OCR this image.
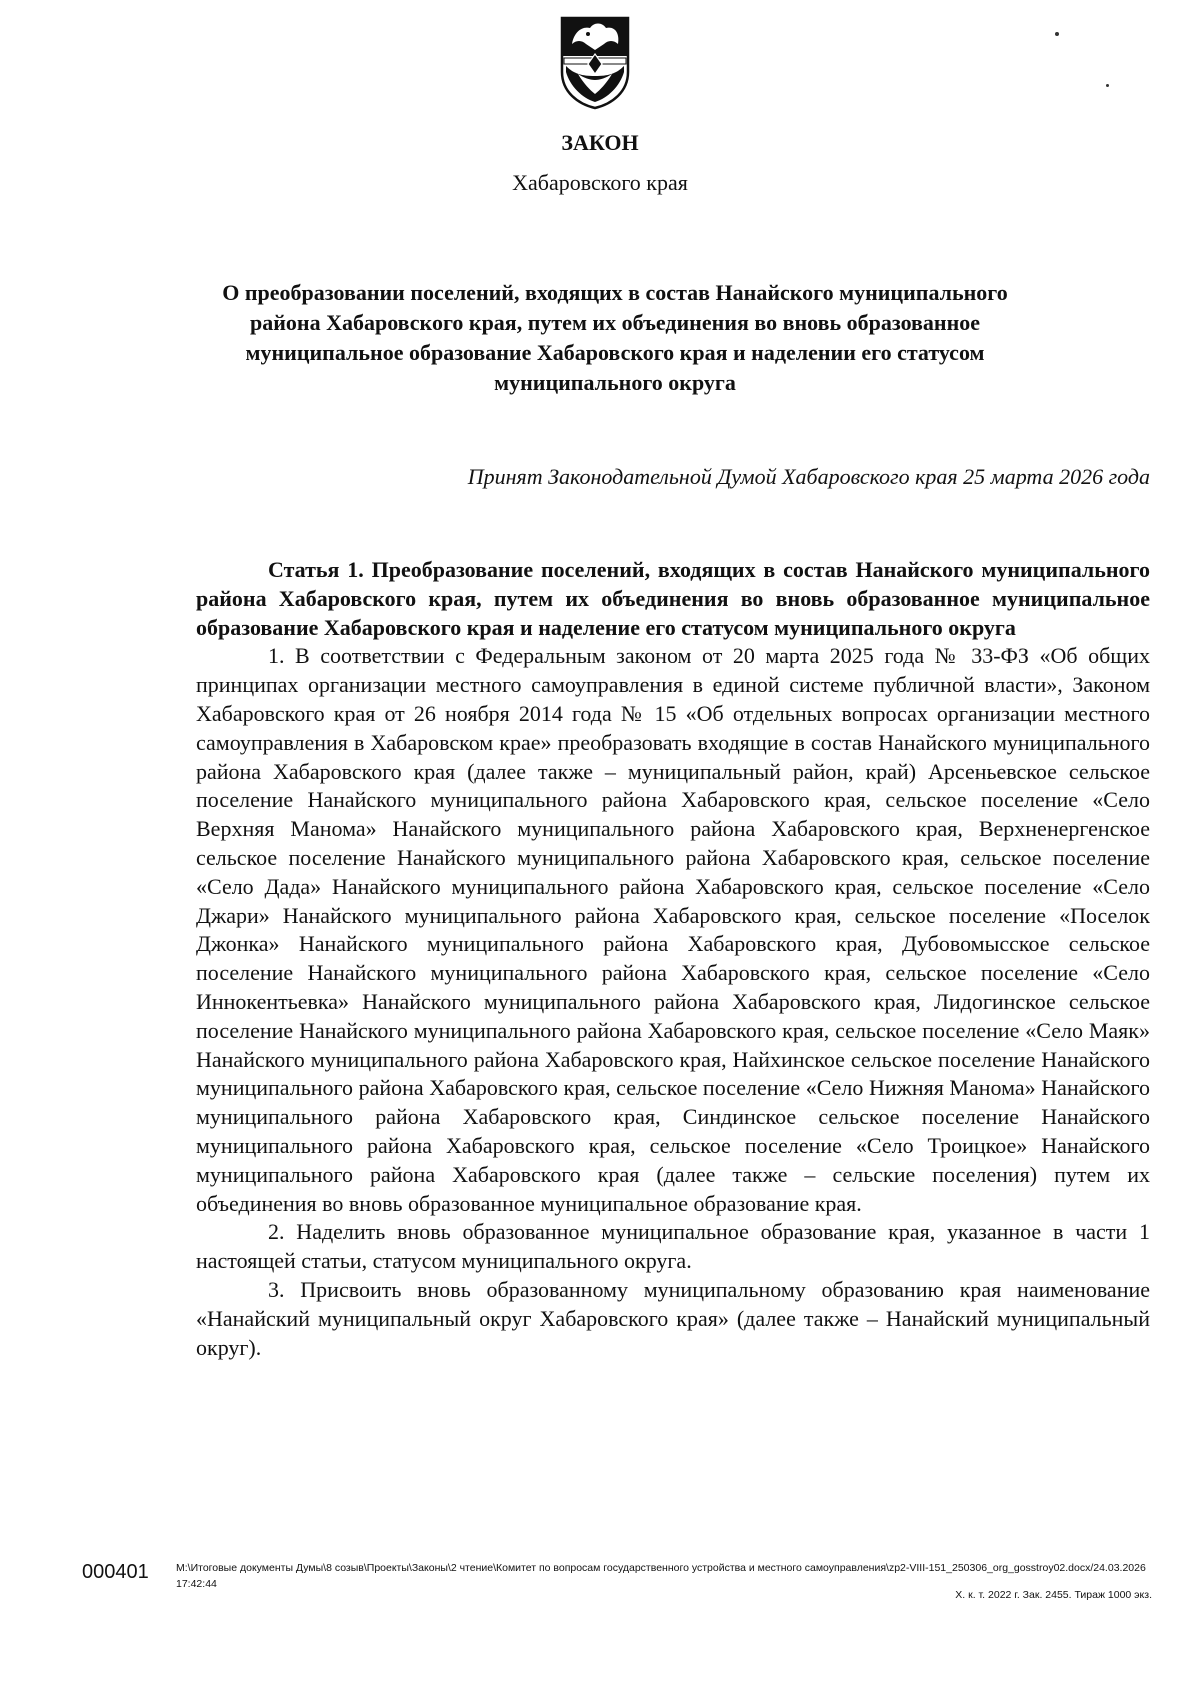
ЗАКОН
Хабаровского края
О преобразовании поселений, входящих в состав Нанайского муниципального района Хабаровского края, путем их объединения во вновь образованное муниципальное образование Хабаровского края и наделении его статусом муниципального округа
Принят Законодательной Думой Хабаровского края 25 марта 2026 года

Статья 1. Преобразование поселений, входящих в состав Нанайского муниципального района Хабаровского края, путем их объединения во вновь образованное муниципальное образование Хабаровского края и наделение его статусом муниципального округа

1. В соответствии с Федеральным законом от 20 марта 2025 года № 33-ФЗ «Об общих принципах организации местного самоуправления в единой системе публичной власти», Законом Хабаровского края от 26 ноября 2014 года № 15 «Об отдельных вопросах организации местного самоуправления в Хабаровском крае» преобразовать входящие в состав Нанайского муниципального района Хабаровского края (далее также – муниципальный район, край) Арсеньевское сельское поселение Нанайского муниципального района Хабаровского края, сельское поселение «Село Верхняя Манома» Нанайского муниципального района Хабаровского края, Верхненергенское сельское поселение Нанайского муниципального района Хабаровского края, сельское поселение «Село Дада» Нанайского муниципального района Хабаровского края, сельское поселение «Село Джари» Нанайского муниципального района Хабаровского края, сельское поселение «Поселок Джонка» Нанайского муниципального района Хабаровского края, Дубовомысское сельское поселение Нанайского муниципального района Хабаровского края, сельское поселение «Село Иннокентьевка» Нанайского муниципального района Хабаровского края, Лидогинское сельское поселение Нанайского муниципального района Хабаровского края, сельское поселение «Село Маяк» Нанайского муниципального района Хабаровского края, Найхинское сельское поселение Нанайского муниципального района Хабаровского края, сельское поселение «Село Нижняя Манома» Нанайского муниципального района Хабаровского края, Синдинское сельское поселение Нанайского муниципального района Хабаровского края, сельское поселение «Село Троицкое» Нанайского муниципального района Хабаровского края (далее также – сельские поселения) путем их объединения во вновь образованное муниципальное образование края.

2. Наделить вновь образованное муниципальное образование края, указанное в части 1 настоящей статьи, статусом муниципального округа.

3. Присвоить вновь образованному муниципальному образованию края наименование «Нанайский муниципальный округ Хабаровского края» (далее также – Нанайский муниципальный округ).

000401	M:\Итоговые документы Думы\8 созыв\Проекты\Законы\2 чтение\Комитет по вопросам государственного устройства и местного самоуправления\zp2-VIII-151_250306_org_gosstroy02.docx/24.03.2026 17:42:44
Х. к. т. 2022 г. Зак. 2455. Тираж 1000 экз.
